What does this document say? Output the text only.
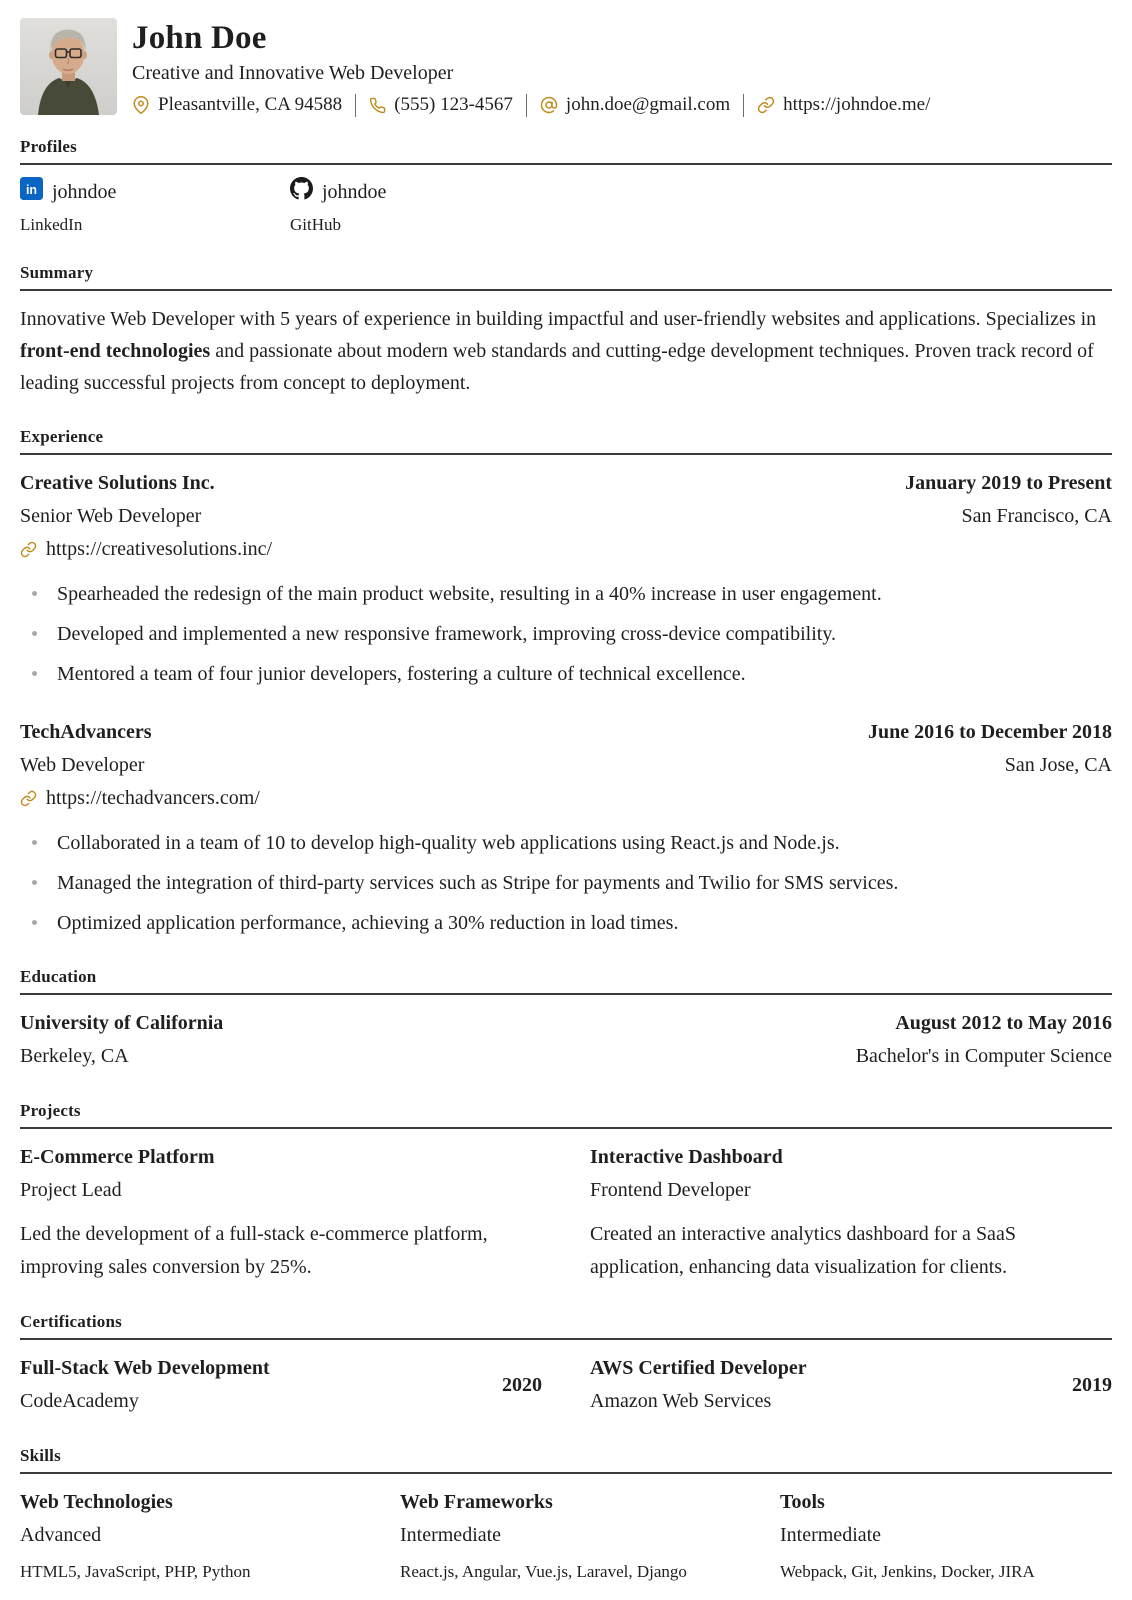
John Doe
Creative and Innovative Web Developer
Pleasantville, CA 94588	(555) 123-4567	john.doe@gmail.com	https://johndoe.me/
Profiles
in johndoe
LinkedIn
johndoe
GitHub
Summary

Innovative Web Developer with 5 years of experience in building impactful and user-friendly websites and applications. Specializes in front-end technologies and passionate about modern web standards and cutting-edge development techniques. Proven track record of leading successful projects from concept to deployment.

Experience
Creative Solutions Inc.	January 2019 to Present
Senior Web Developer	San Francisco, CA
https://creativesolutions.inc/
Spearheaded the redesign of the main product website, resulting in a 40% increase in user engagement.
Developed and implemented a new responsive framework, improving cross-device compatibility.
Mentored a team of four junior developers, fostering a culture of technical excellence.
TechAdvancers	June 2016 to December 2018
Web Developer	San Jose, CA
https://techadvancers.com/
Collaborated in a team of 10 to develop high-quality web applications using React.js and Node.js.
Managed the integration of third-party services such as Stripe for payments and Twilio for SMS services.
Optimized application performance, achieving a 30% reduction in load times.
Education
University of California	August 2012 to May 2016
Berkeley, CA	Bachelor's in Computer Science
Projects
E-Commerce Platform
Project Lead

Led the development of a full-stack e-commerce platform, improving sales conversion by 25%.

Interactive Dashboard
Frontend Developer

Created an interactive analytics dashboard for a SaaS application, enhancing data visualization for clients.

Certifications
Full-Stack Web Development
CodeAcademy
2020
AWS Certified Developer
Amazon Web Services
2019
Skills
Web Technologies
Advanced
HTML5, JavaScript, PHP, Python
Web Frameworks
Intermediate
React.js, Angular, Vue.js, Laravel, Django
Tools
Intermediate
Webpack, Git, Jenkins, Docker, JIRA
